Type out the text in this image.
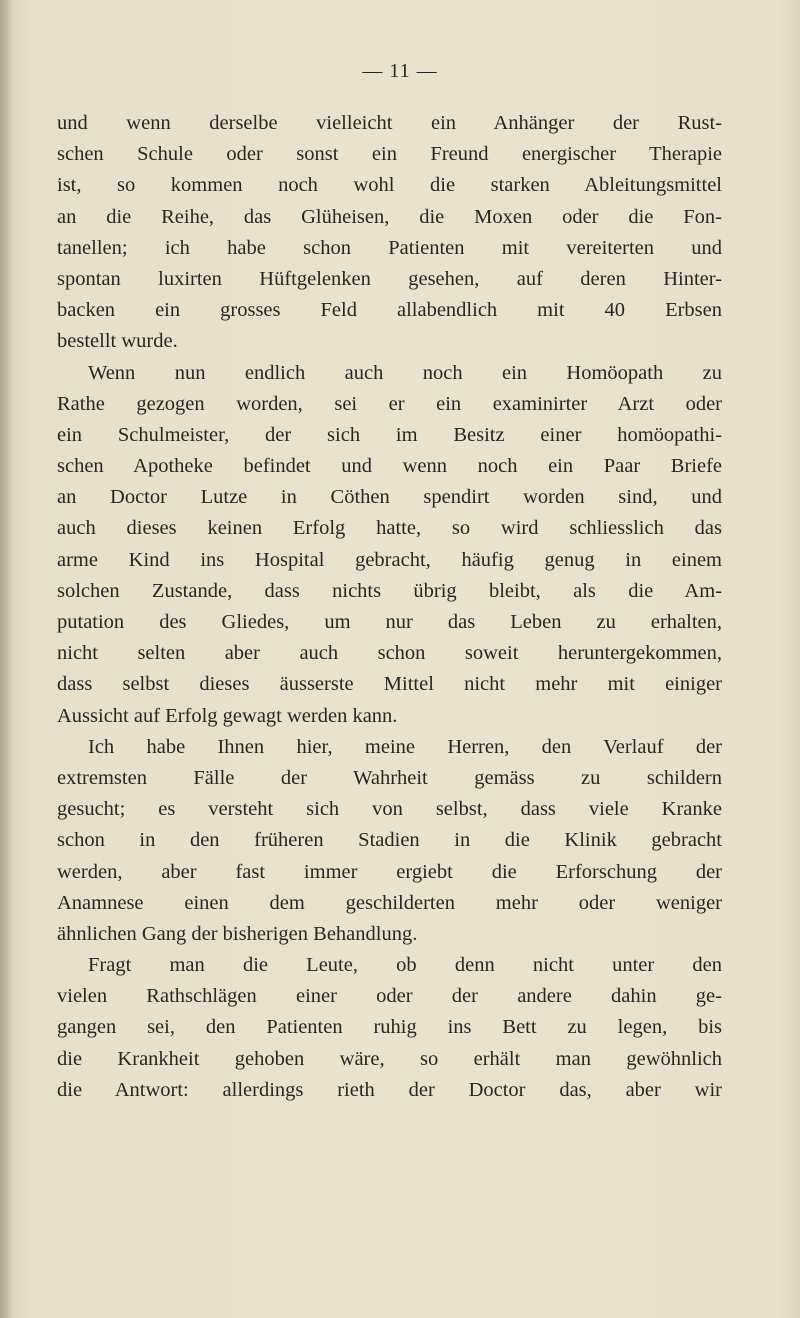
— 11 —
und wenn derselbe vielleicht ein Anhänger der Rust-
schen Schule oder sonst ein Freund energischer Therapie
ist, so kommen noch wohl die starken Ableitungsmittel
an die Reihe, das Glüheisen, die Moxen oder die Fon-
tanellen; ich habe schon Patienten mit vereiterten und
spontan luxirten Hüftgelenken gesehen, auf deren Hinter-
backen ein grosses Feld allabendlich mit 40 Erbsen
bestellt wurde.
Wenn nun endlich auch noch ein Homöopath zu
Rathe gezogen worden, sei er ein examinirter Arzt oder
ein Schulmeister, der sich im Besitz einer homöopathi-
schen Apotheke befindet und wenn noch ein Paar Briefe
an Doctor Lutze in Cöthen spendirt worden sind, und
auch dieses keinen Erfolg hatte, so wird schliesslich das
arme Kind ins Hospital gebracht, häufig genug in einem
solchen Zustande, dass nichts übrig bleibt, als die Am-
putation des Gliedes, um nur das Leben zu erhalten,
nicht selten aber auch schon soweit heruntergekommen,
dass selbst dieses äusserste Mittel nicht mehr mit einiger
Aussicht auf Erfolg gewagt werden kann.
Ich habe Ihnen hier, meine Herren, den Verlauf der
extremsten Fälle der Wahrheit gemäss zu schildern
gesucht; es versteht sich von selbst, dass viele Kranke
schon in den früheren Stadien in die Klinik gebracht
werden, aber fast immer ergiebt die Erforschung der
Anamnese einen dem geschilderten mehr oder weniger
ähnlichen Gang der bisherigen Behandlung.
Fragt man die Leute, ob denn nicht unter den
vielen Rathschlägen einer oder der andere dahin ge-
gangen sei, den Patienten ruhig ins Bett zu legen, bis
die Krankheit gehoben wäre, so erhält man gewöhnlich
die Antwort: allerdings rieth der Doctor das, aber wir
